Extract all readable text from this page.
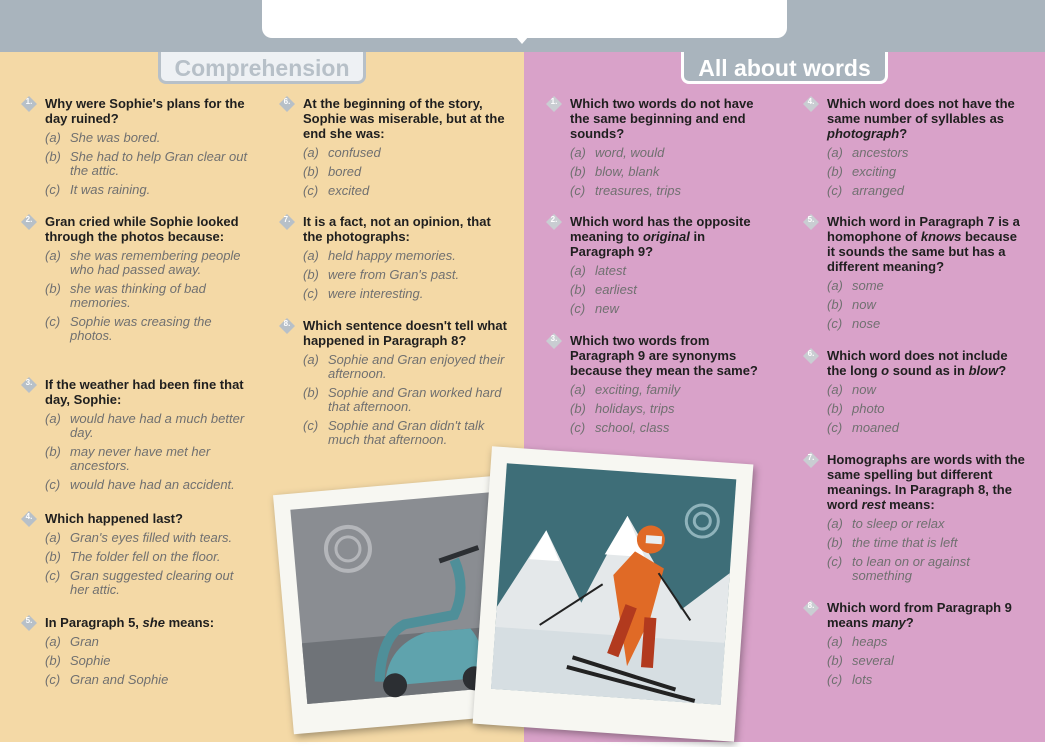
Comprehension	All about words
1. Why were Sophie's plans for the day ruined?
(a) She was bored.
(b) She had to help Gran clear out the attic.
(c) It was raining.
2. Gran cried while Sophie looked through the photos because:
(a) she was remembering people who had passed away.
(b) she was thinking of bad memories.
(c) Sophie was creasing the photos.
3. If the weather had been fine that day, Sophie:
(a) would have had a much better day.
(b) may never have met her ancestors.
(c) would have had an accident.
4. Which happened last?
(a) Gran's eyes filled with tears.
(b) The folder fell on the floor.
(c) Gran suggested clearing out her attic.
5. In Paragraph 5, she means:
(a) Gran
(b) Sophie
(c) Gran and Sophie
6. At the beginning of the story, Sophie was miserable, but at the end she was:
(a) confused
(b) bored
(c) excited
7. It is a fact, not an opinion, that the photographs:
(a) held happy memories.
(b) were from Gran's past.
(c) were interesting.
8. Which sentence doesn't tell what happened in Paragraph 8?
(a) Sophie and Gran enjoyed their afternoon.
(b) Sophie and Gran worked hard that afternoon.
(c) Sophie and Gran didn't talk much that afternoon.
1. Which two words do not have the same beginning and end sounds?
(a) word, would
(b) blow, blank
(c) treasures, trips
2. Which word has the opposite meaning to original in Paragraph 9?
(a) latest
(b) earliest
(c) new
3. Which two words from Paragraph 9 are synonyms because they mean the same?
(a) exciting, family
(b) holidays, trips
(c) school, class
4. Which word does not have the same number of syllables as photograph?
(a) ancestors
(b) exciting
(c) arranged
5. Which word in Paragraph 7 is a homophone of knows because it sounds the same but has a different meaning?
(a) some
(b) now
(c) nose
6. Which word does not include the long o sound as in blow?
(a) now
(b) photo
(c) moaned
7. Homographs are words with the same spelling but different meanings. In Paragraph 8, the word rest means:
(a) to sleep or relax
(b) the time that is left
(c) to lean on or against something
8. Which word from Paragraph 9 means many?
(a) heaps
(b) several
(c) lots
